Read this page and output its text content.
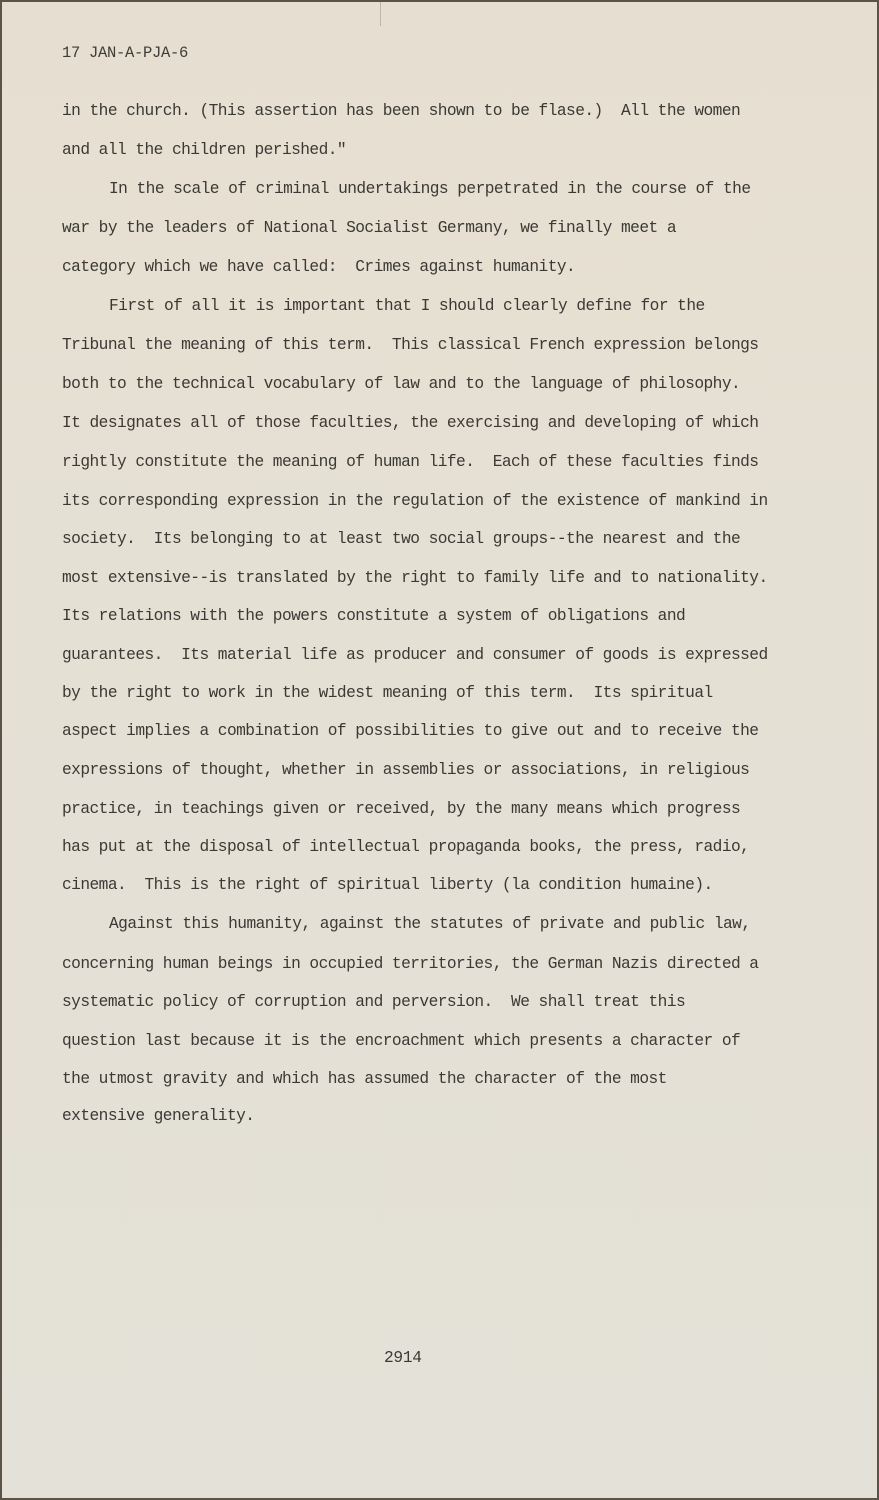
17 JAN-A-PJA-6
in the church. (This assertion has been shown to be flase.)  All the women
and all the children perished."
In the scale of criminal undertakings perpetrated in the course of the
war by the leaders of National Socialist Germany, we finally meet a
category which we have called:  Crimes against humanity.
First of all it is important that I should clearly define for the
Tribunal the meaning of this term.  This classical French expression belongs
both to the technical vocabulary of law and to the language of philosophy.
It designates all of those faculties, the exercising and developing of which
rightly constitute the meaning of human life.  Each of these faculties finds
its corresponding expression in the regulation of the existence of mankind in
society.  Its belonging to at least two social groups--the nearest and the
most extensive--is translated by the right to family life and to nationality.
Its relations with the powers constitute a system of obligations and
guarantees.  Its material life as producer and consumer of goods is expressed
by the right to work in the widest meaning of this term.  Its spiritual
aspect implies a combination of possibilities to give out and to receive the
expressions of thought, whether in assemblies or associations, in religious
practice, in teachings given or received, by the many means which progress
has put at the disposal of intellectual propaganda books, the press, radio,
cinema.  This is the right of spiritual liberty (la condition humaine).
Against this humanity, against the statutes of private and public law,
concerning human beings in occupied territories, the German Nazis directed a
systematic policy of corruption and perversion.  We shall treat this
question last because it is the encroachment which presents a character of
the utmost gravity and which has assumed the character of the most
extensive generality.
2914
